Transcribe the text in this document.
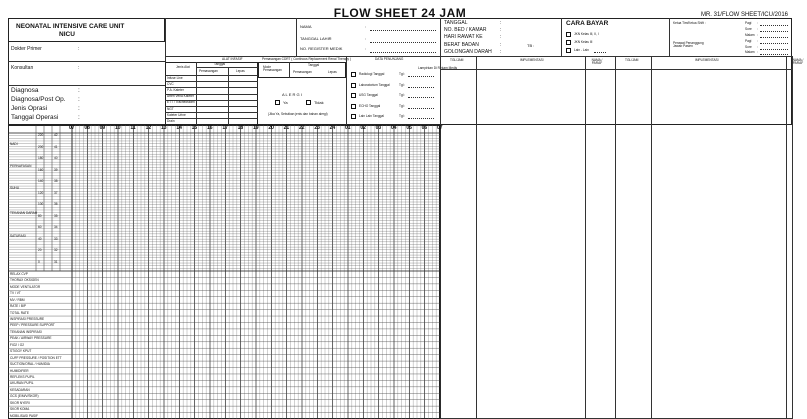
FLOW SHEET 24 JAM	MR. 31/FLOW SHEET/ICU/2016
NEONATAL INTENSIVE CARE UNIT
NICU
Dokter Primer	:
Konsultan	:
Diagnosa	:
Diagnosa/Post Op. :
Jenis Oprasi	:
Tanggal Operasi	:
NAMA	:
TANGGAL LAHIR	:
NO. REGISTER MEDIK	:
TANGGAL	:
NO. BED / KAMAR	:
HARI RAWAT KE	:
BERAT BADAN	:
GOLONGAN DARAH :
TB :
CARA BAYAR
JKN Kelas III, II, I
JKN Kelas III
Lain - Lain
Ketua Tim/Ketua Shift :
Perawat Penanggung Jawab Pasien
Pagi :
Sore :
Malam :
Pagi :
Sore :
Malam :
ALAT INFASIF
Jenis Alat
Tanggal
Pemasangan	Lepas
Infuse Line
CVC
P.A. Kateter
Arteri Vena Kateter
ETT / Tracheostomi
NGT
Kateter Urine
Drain
Pemasangan CDRT ( Continous Replacement Renal Therapy )
Mode Pemasangan
Tanggal
Pemasangan	Lepas
A L E R G I
Ya	Tidak
(Jika Ya, Sebutkan jenis dan bahan alergi)
DATA PENUNJANG
Lampirkan Di Rekam Medis
Radiologi Tanggal	Tgl :
Laboratorium Tanggal	Tgl :
USG Tanggal	Tgl :
ECHO Tanggal	Tgl :
Lain Lain Tanggal	Tgl :
TGL/JAM	IMPLEMENTASI	NAMA / PARAF
TGL/JAM	IMPLEMENTASI	NAMA / PARAF
07 08 09 10 11 12 13 14 15 16 17 18 19 20 21 22 23 24 01 02 03 04 05 06 07
NADI
PERNAFASAN
SUHU
TEKANAN DARAH
SATURASI
220	42
200	41
180	40
160	39
140	38
120	37
100	36
80	35
60	34
40	33
20	32
0	31
RELAX CVP
THORAX OKSIGEN
MODE VENTILATOR
TV / VT
MV / RBM
RATE / BIP
TOTAL RATE
INSPIRASI PRESSURE
PEEP / PRESSURE SUPPORT
TEKANAN INSPIRASI
PEAK / AIRWAY PRESSURE
FIO2 / O2
STIGGY KPUT
CUFF PRESSURE / POSITION ETT
SUCTION/ORAL / HUMIDIA
HUMIDIFIER
REFLEKS PUPIL
UKURAN PUPIL
KESADARAN
GCS (E/M/V/SKOR)
SKOR NYERI
SKOR KOMA
MOBILISASI PASIF
